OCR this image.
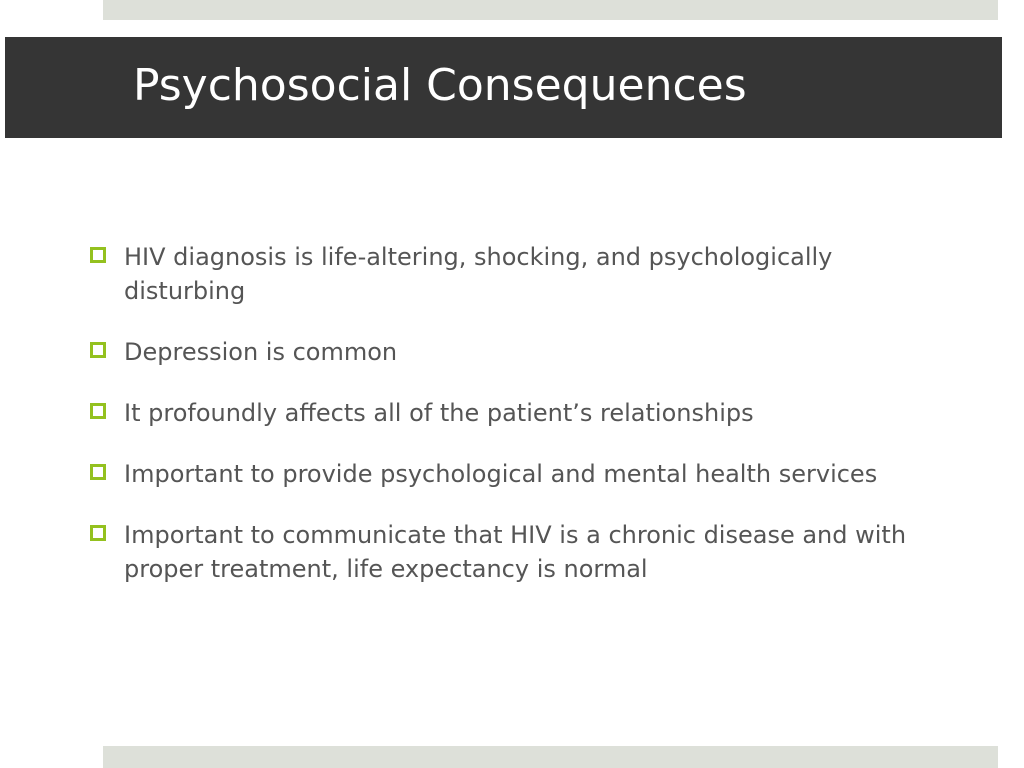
Psychosocial Consequences
HIV diagnosis is life-altering, shocking, and psychologically disturbing
Depression is common
It profoundly affects all of the patient’s relationships
Important to provide psychological and mental health services
Important to communicate that HIV is a chronic disease and with proper treatment, life expectancy is normal
